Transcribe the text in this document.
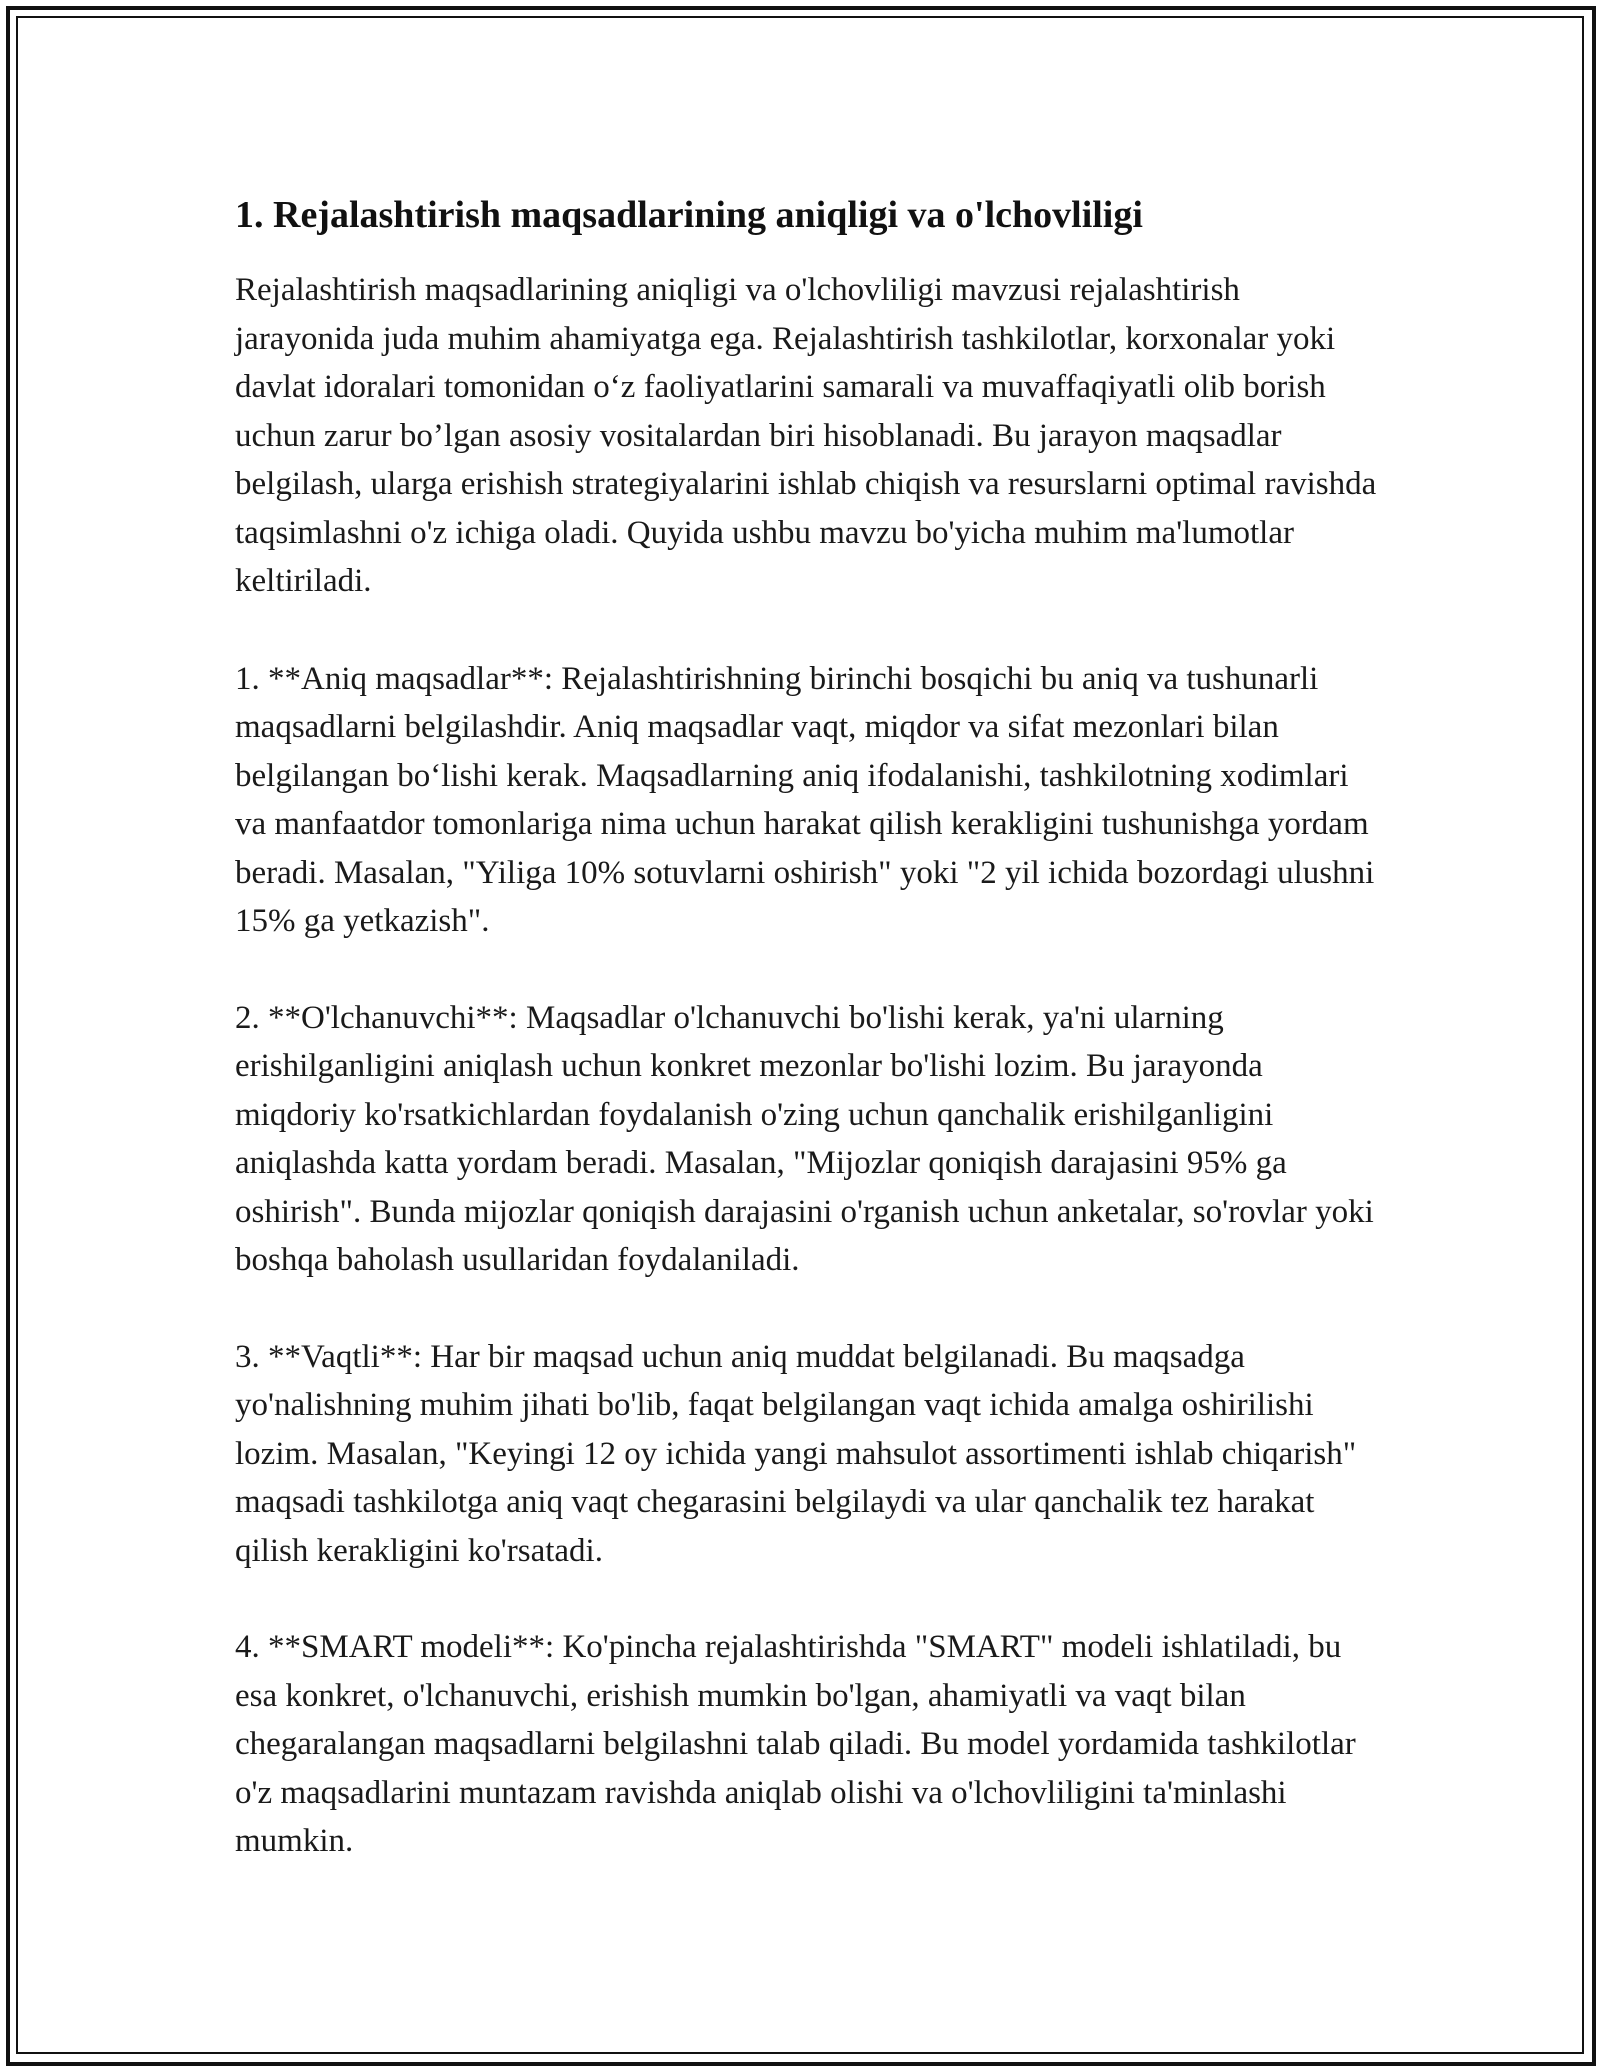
1. Rejalashtirish maqsadlarining aniqligi va o'lchovliligi

Rejalashtirish maqsadlarining aniqligi va o'lchovliligi mavzusi rejalashtirish jarayonida juda muhim ahamiyatga ega. Rejalashtirish tashkilotlar, korxonalar yoki davlat idoralari tomonidan o‘z faoliyatlarini samarali va muvaffaqiyatli olib borish uchun zarur bo’lgan asosiy vositalardan biri hisoblanadi. Bu jarayon maqsadlar belgilash, ularga erishish strategiyalarini ishlab chiqish va resurslarni optimal ravishda taqsimlashni o'z ichiga oladi. Quyida ushbu mavzu bo'yicha muhim ma'lumotlar keltiriladi.

1. **Aniq maqsadlar**: Rejalashtirishning birinchi bosqichi bu aniq va tushunarli maqsadlarni belgilashdir. Aniq maqsadlar vaqt, miqdor va sifat mezonlari bilan belgilangan bo‘lishi kerak. Maqsadlarning aniq ifodalanishi, tashkilotning xodimlari va manfaatdor tomonlariga nima uchun harakat qilish kerakligini tushunishga yordam beradi. Masalan, "Yiliga 10% sotuvlarni oshirish" yoki "2 yil ichida bozordagi ulushni 15% ga yetkazish".

2. **O'lchanuvchi**: Maqsadlar o'lchanuvchi bo'lishi kerak, ya'ni ularning erishilganligini aniqlash uchun konkret mezonlar bo'lishi lozim. Bu jarayonda miqdoriy ko'rsatkichlardan foydalanish o'zing uchun qanchalik erishilganligini aniqlashda katta yordam beradi. Masalan, "Mijozlar qoniqish darajasini 95% ga oshirish". Bunda mijozlar qoniqish darajasini o'rganish uchun anketalar, so'rovlar yoki boshqa baholash usullaridan foydalaniladi.

3. **Vaqtli**: Har bir maqsad uchun aniq muddat belgilanadi. Bu maqsadga yo'nalishning muhim jihati bo'lib, faqat belgilangan vaqt ichida amalga oshirilishi lozim. Masalan, "Keyingi 12 oy ichida yangi mahsulot assortimenti ishlab chiqarish" maqsadi tashkilotga aniq vaqt chegarasini belgilaydi va ular qanchalik tez harakat qilish kerakligini ko'rsatadi.

4. **SMART modeli**: Ko'pincha rejalashtirishda "SMART" modeli ishlatiladi, bu esa konkret, o'lchanuvchi, erishish mumkin bo'lgan, ahamiyatli va vaqt bilan chegaralangan maqsadlarni belgilashni talab qiladi. Bu model yordamida tashkilotlar o'z maqsadlarini muntazam ravishda aniqlab olishi va o'lchovliligini ta'minlashi mumkin.
